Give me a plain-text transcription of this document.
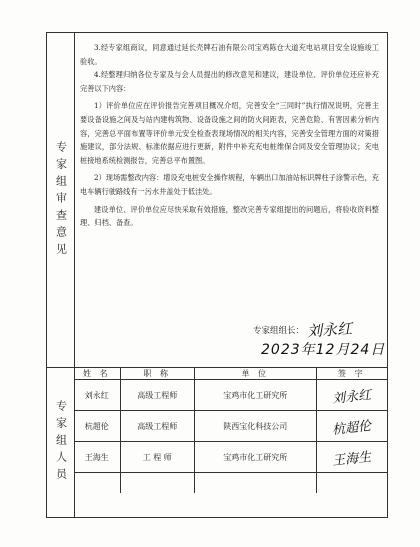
专家组审查意见

3.经专家组商议，同意通过延长壳牌石油有限公司宝鸡陈仓大道充电站项目安全设施竣工验收。

4.经整理归纳各位专家及与会人员提出的修改意见和建议，建设单位、评价单位还应补充完善以下内容：

1）评价单位应在评价报告完善项目概况介绍，完善安全“三同时”执行情况说明，完善主要设备设施之间及与站内建构筑物、设备设施之间的防火间距表，完善危险、有害因素分析内容，完善总平面布置等评价单元安全检查表现场情况的相关内容，完善安全管理方面的对策措施建议，部分法规、标准依据应进行更新，附件中补充充电桩维保合同及安全管理协议；充电桩接地系统检测报告，完善总平布置图。

2）现场需整改内容：增设充电桩安全操作规程，车辆出口加油站标识牌柱子涂警示色，充电车辆行驶路线有一污水井盖处于低洼处。

建设单位、评价单位应尽快采取有效措施，整改完善专家组提出的问题后，将验收资料整理、归档、备查。

专家组组长： 刘永红
2023年12月24日
专家组人员
姓 名	职 称	单 位	签 字
刘永红	高级工程师	宝鸡市化工研究所	刘永红
杭超伦	高级工程师	陕西宝化科技公司	杭超伦
王海生	工 程 师	宝鸡市化工研究所	王海生
